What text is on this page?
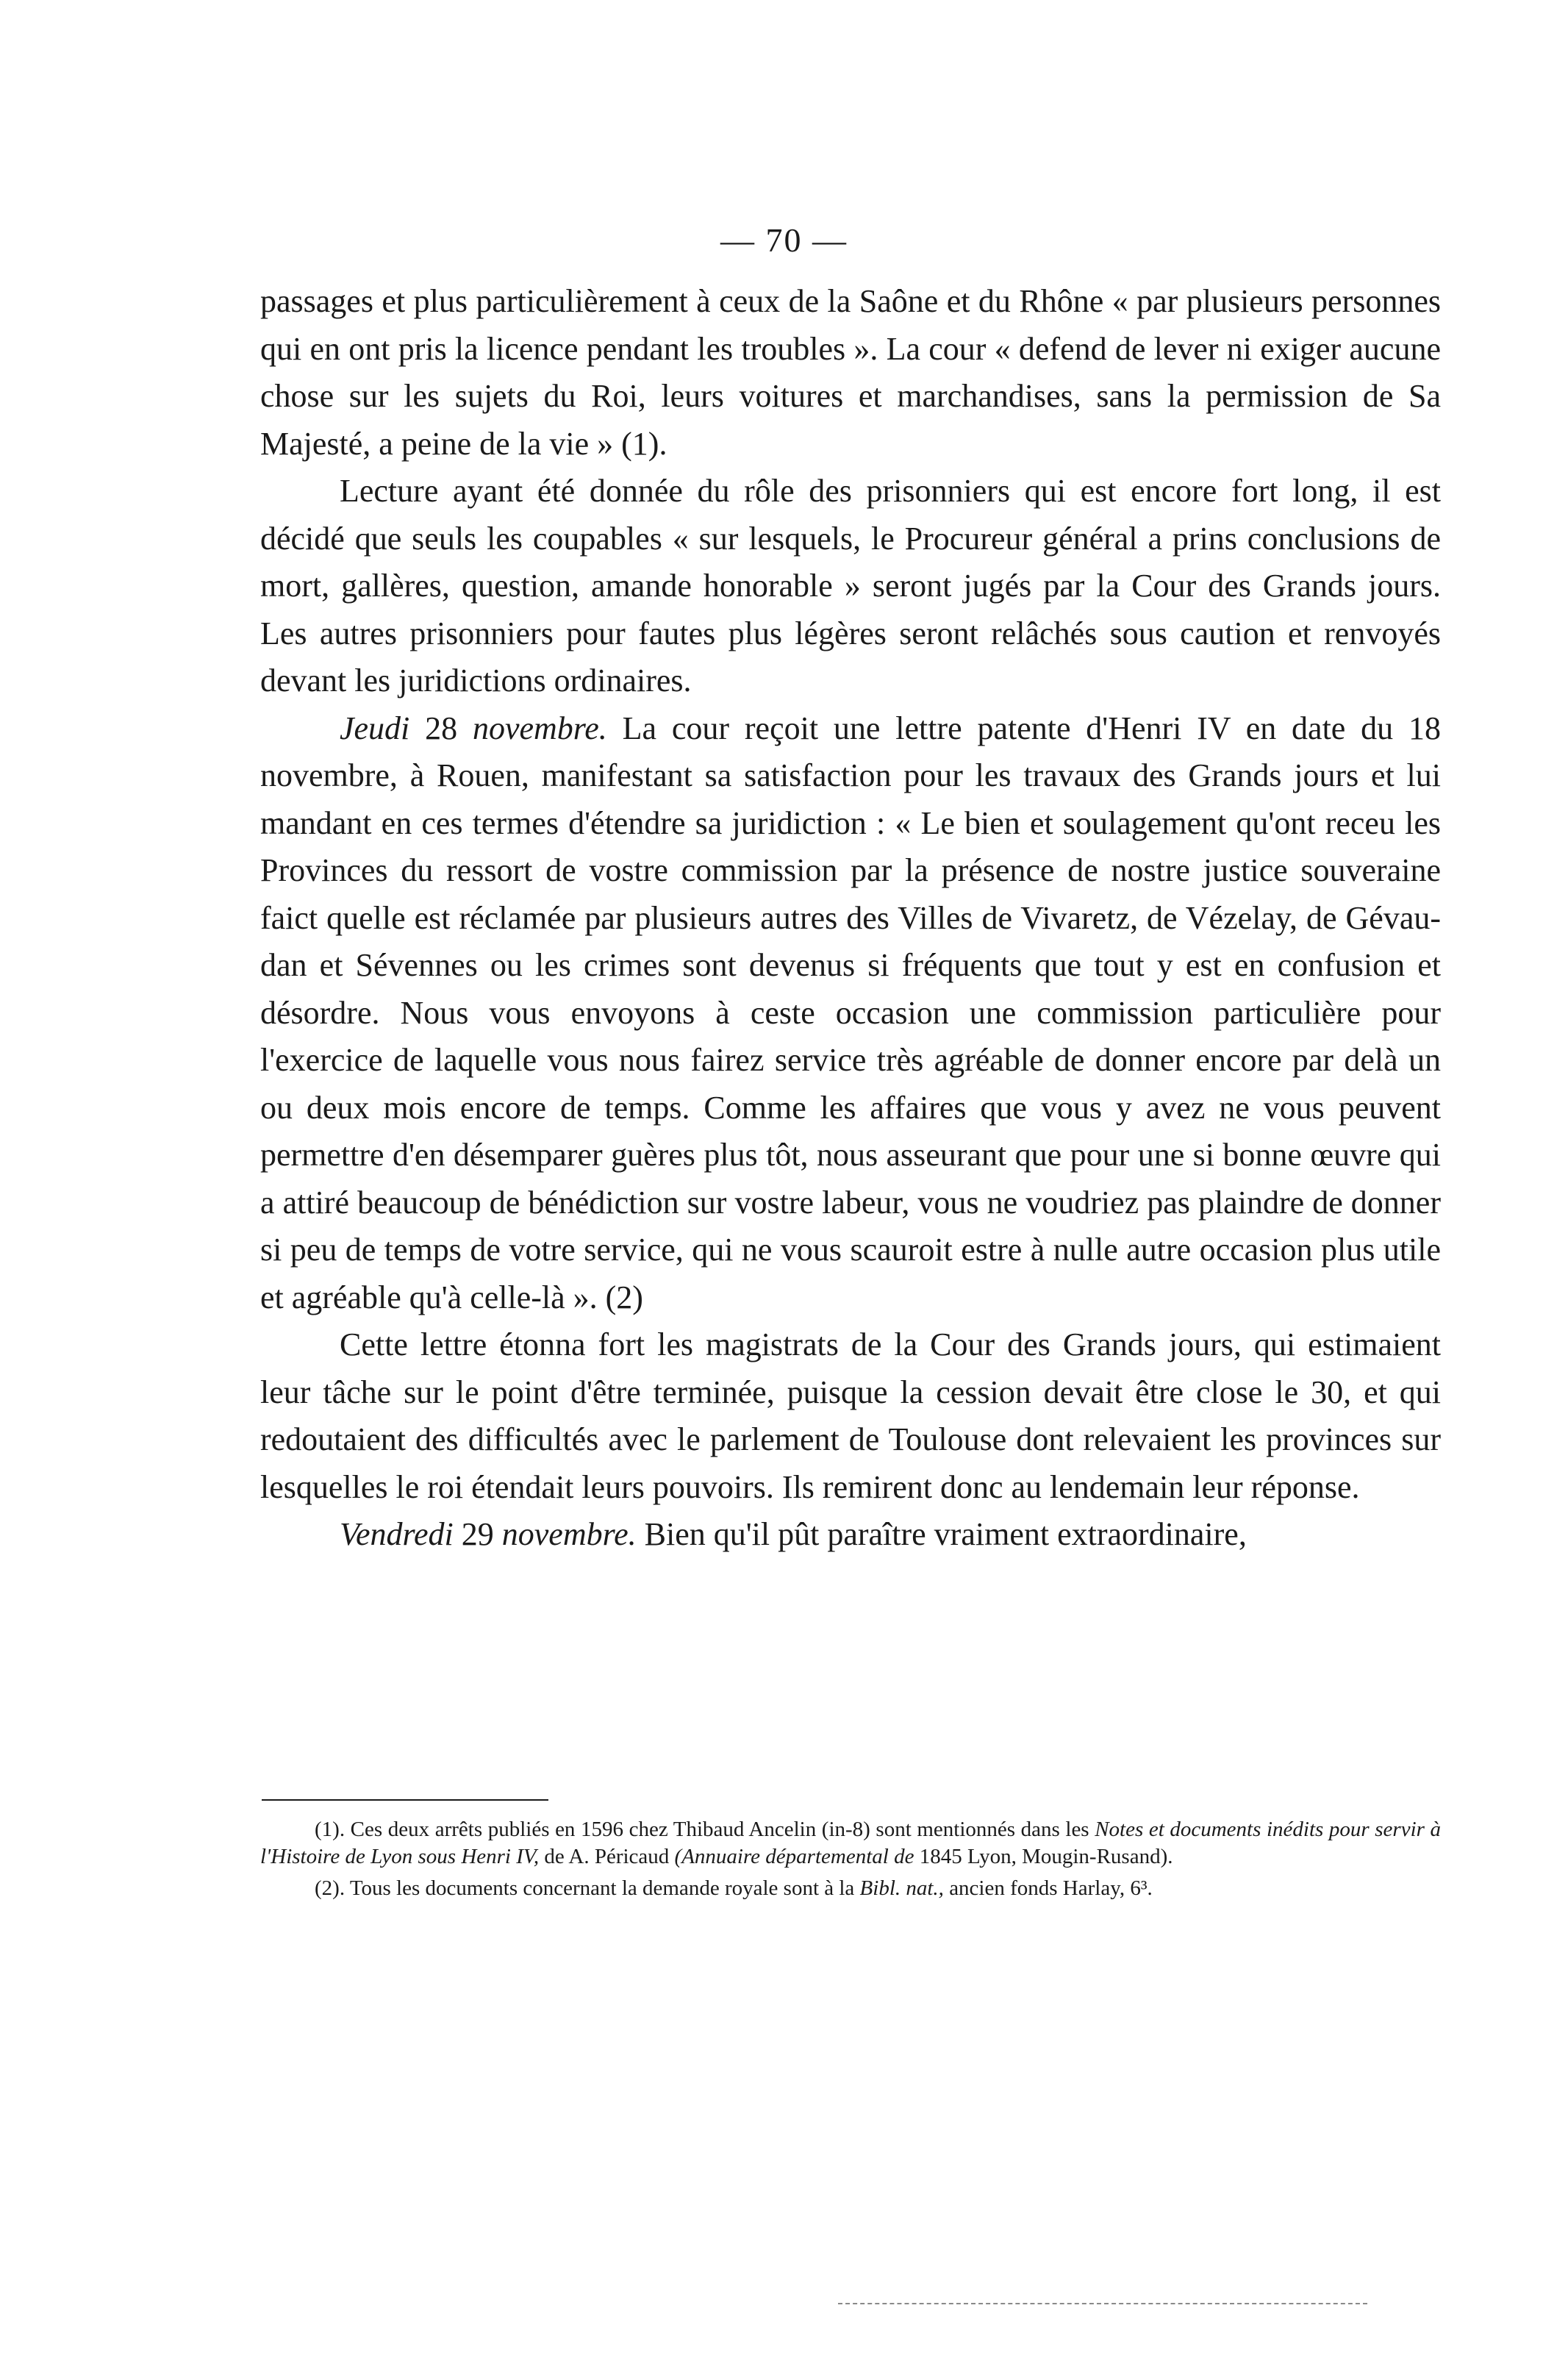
— 70 —

passages et plus particulièrement à ceux de la Saône et du Rhône « par plusieurs personnes qui en ont pris la licence pendant les troubles ». La cour « defend de lever ni exiger aucune chose sur les sujets du Roi, leurs voitures et marchandises, sans la permission de Sa Majesté, a peine de la vie » (1).

Lecture ayant été donnée du rôle des prisonniers qui est encore fort long, il est décidé que seuls les coupables « sur lesquels, le Procureur général a prins conclusions de mort, gallères, question, amande honorable » seront jugés par la Cour des Grands jours. Les autres prisonniers pour fautes plus légères seront relâchés sous caution et renvoyés devant les juridictions ordinaires.

Jeudi 28 novembre. La cour reçoit une lettre patente d'Henri IV en date du 18 novembre, à Rouen, manifestant sa satisfaction pour les travaux des Grands jours et lui mandant en ces termes d'étendre sa juridiction : « Le bien et soulagement qu'ont receu les Provinces du ressort de vostre commission par la présence de nostre justice souveraine faict quelle est réclamée par plusieurs autres des Villes de Vivaretz, de Vézelay, de Gévaudan et Sévennes ou les crimes sont devenus si fréquents que tout y est en confusion et désordre. Nous vous envoyons à ceste occasion une commission particulière pour l'exercice de laquelle vous nous fairez service très agréable de donner encore par delà un ou deux mois encore de temps. Comme les affaires que vous y avez ne vous peuvent permettre d'en désemparer guères plus tôt, nous asseurant que pour une si bonne œuvre qui a attiré beaucoup de bénédiction sur vostre labeur, vous ne voudriez pas plaindre de donner si peu de temps de votre service, qui ne vous scauroit estre à nulle autre occasion plus utile et agréable qu'à celle-là ». (2)

Cette lettre étonna fort les magistrats de la Cour des Grands jours, qui estimaient leur tâche sur le point d'être terminée, puisque la cession devait être close le 30, et qui redoutaient des difficultés avec le parlement de Toulouse dont relevaient les provinces sur lesquelles le roi étendait leurs pouvoirs. Ils remirent donc au lendemain leur réponse.

Vendredi 29 novembre. Bien qu'il pût paraître vraiment extraordinaire,

(1). Ces deux arrêts publiés en 1596 chez Thibaud Ancelin (in-8) sont mentionnés dans les Notes et documents inédits pour servir à l'Histoire de Lyon sous Henri IV, de A. Péricaud (Annuaire départemental de 1845 Lyon, Mougin-Rusand).

(2). Tous les documents concernant la demande royale sont à la Bibl. nat., ancien fonds Harlay, 6³.
